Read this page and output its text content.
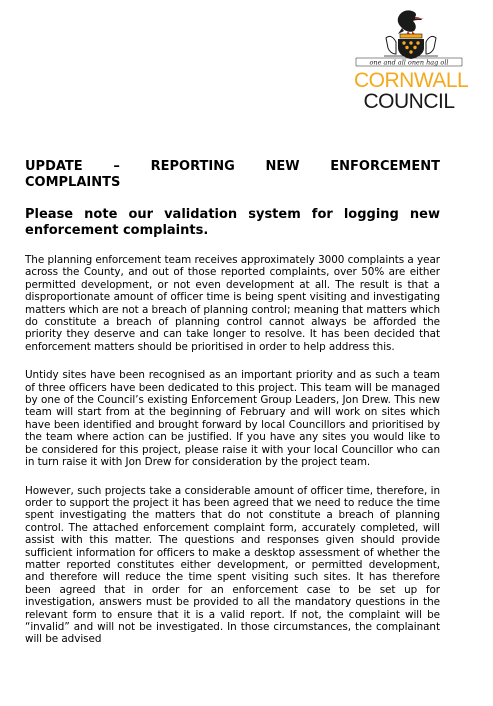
one and all onen hag oll
CORNWALL
COUNCIL
UPDATE – REPORTING NEW ENFORCEMENT
COMPLAINTS

Please note our validation system for logging new enforcement complaints.

The planning enforcement team receives approximately 3000 complaints a year across the County, and out of those reported complaints, over 50% are either permitted development, or not even development at all. The result is that a disproportionate amount of officer time is being spent visiting and investigating matters which are not a breach of planning control; meaning that matters which do constitute a breach of planning control cannot always be afforded the priority they deserve and can take longer to resolve. It has been decided that enforcement matters should be prioritised in order to help address this.

Untidy sites have been recognised as an important priority and as such a team of three officers have been dedicated to this project. This team will be managed by one of the Council’s existing Enforcement Group Leaders, Jon Drew. This new team will start from at the beginning of February and will work on sites which have been identified and brought forward by local Councillors and prioritised by the team where action can be justified. If you have any sites you would like to be considered for this project, please raise it with your local Councillor who can in turn raise it with Jon Drew for consideration by the project team.

However, such projects take a considerable amount of officer time, therefore, in order to support the project it has been agreed that we need to reduce the time spent investigating the matters that do not constitute a breach of planning control. The attached enforcement complaint form, accurately completed, will assist with this matter. The questions and responses given should provide sufficient information for officers to make a desktop assessment of whether the matter reported constitutes either development, or permitted development, and therefore will reduce the time spent visiting such sites. It has therefore been agreed that in order for an enforcement case to be set up for investigation, answers must be provided to all the mandatory questions in the relevant form to ensure that it is a valid report. If not, the complaint will be “invalid” and will not be investigated. In those circumstances, the complainant will be advised
